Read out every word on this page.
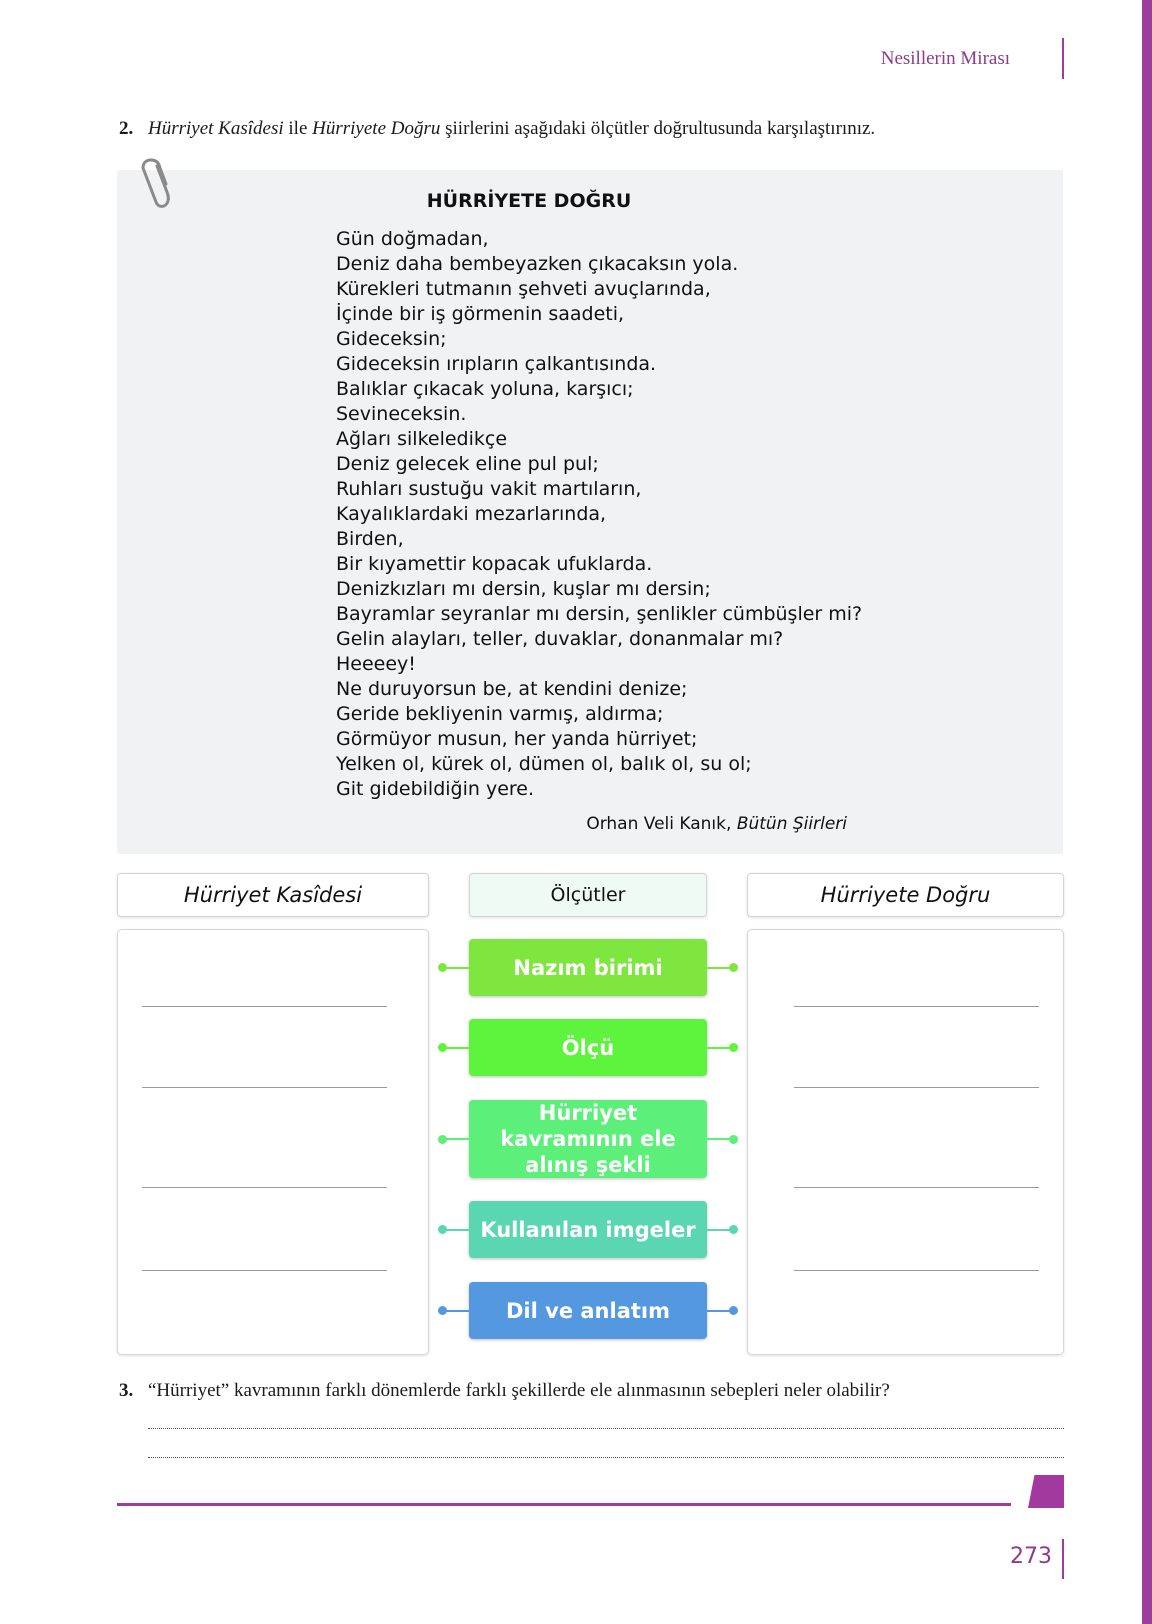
Nesillerin Mirası
2. Hürriyet Kasîdesi ile Hürriyete Doğru şiirlerini aşağıdaki ölçütler doğrultusunda karşılaştırınız.
HÜRRİYETE DOĞRU
Gün doğmadan,
Deniz daha bembeyazken çıkacaksın yola.
Kürekleri tutmanın şehveti avuçlarında,
İçinde bir iş görmenin saadeti,
Gideceksin;
Gideceksin ırıpların çalkantısında.
Balıklar çıkacak yoluna, karşıcı;
Sevineceksin.
Ağları silkeledikçe
Deniz gelecek eline pul pul;
Ruhları sustuğu vakit martıların,
Kayalıklardaki mezarlarında,
Birden,
Bir kıyamettir kopacak ufuklarda.
Denizkızları mı dersin, kuşlar mı dersin;
Bayramlar seyranlar mı dersin, şenlikler cümbüşler mi?
Gelin alayları, teller, duvaklar, donanmalar mı?
Heeeey!
Ne duruyorsun be, at kendini denize;
Geride bekliyenin varmış, aldırma;
Görmüyor musun, her yanda hürriyet;
Yelken ol, kürek ol, dümen ol, balık ol, su ol;
Git gidebildiğin yere.
Orhan Veli Kanık, Bütün Şiirleri
Hürriyet Kasîdesi	Ölçütler	Hürriyete Doğru
Nazım birimi
Ölçü
Hürriyet kavramının ele alınış şekli
Kullanılan imgeler
Dil ve anlatım
3. “Hürriyet” kavramının farklı dönemlerde farklı şekillerde ele alınmasının sebepleri neler olabilir?
273
